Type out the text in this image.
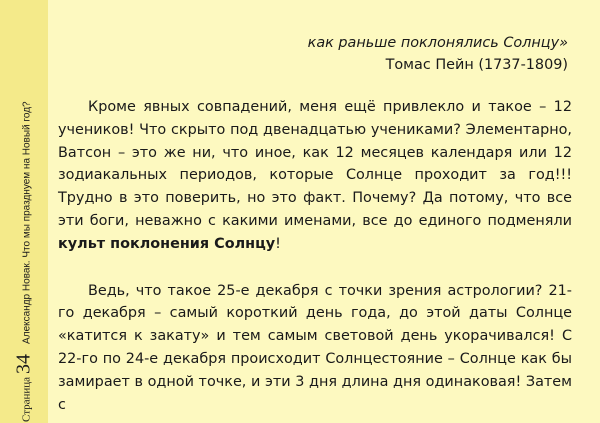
Страница
34
Александр Новак. Что мы празднуем на Новый год?
как раньше поклонялись Солнцу»
Томас Пейн (1737-1809)

Кроме явных совпадений, меня ещё привлекло и такое – 12 учеников! Что скрыто под двенадцатью учениками? Элементарно, Ватсон – это же ни, что иное, как 12 месяцев календаря или 12 зодиакальных периодов, которые Солнце проходит за год!!! Трудно в это поверить, но это факт. Почему? Да потому, что все эти боги, неважно с какими именами, все до единого подменяли культ поклонения Солнцу!

Ведь, что такое 25-е декабря с точки зрения астрологии? 21-го декабря – самый короткий день года, до этой даты Солнце «катится к закату» и тем самым световой день укорачивался! С 22-го по 24-е декабря происходит Солнцестояние – Солнце как бы замирает в одной точке, и эти 3 дня длина дня одинаковая! Затем с
